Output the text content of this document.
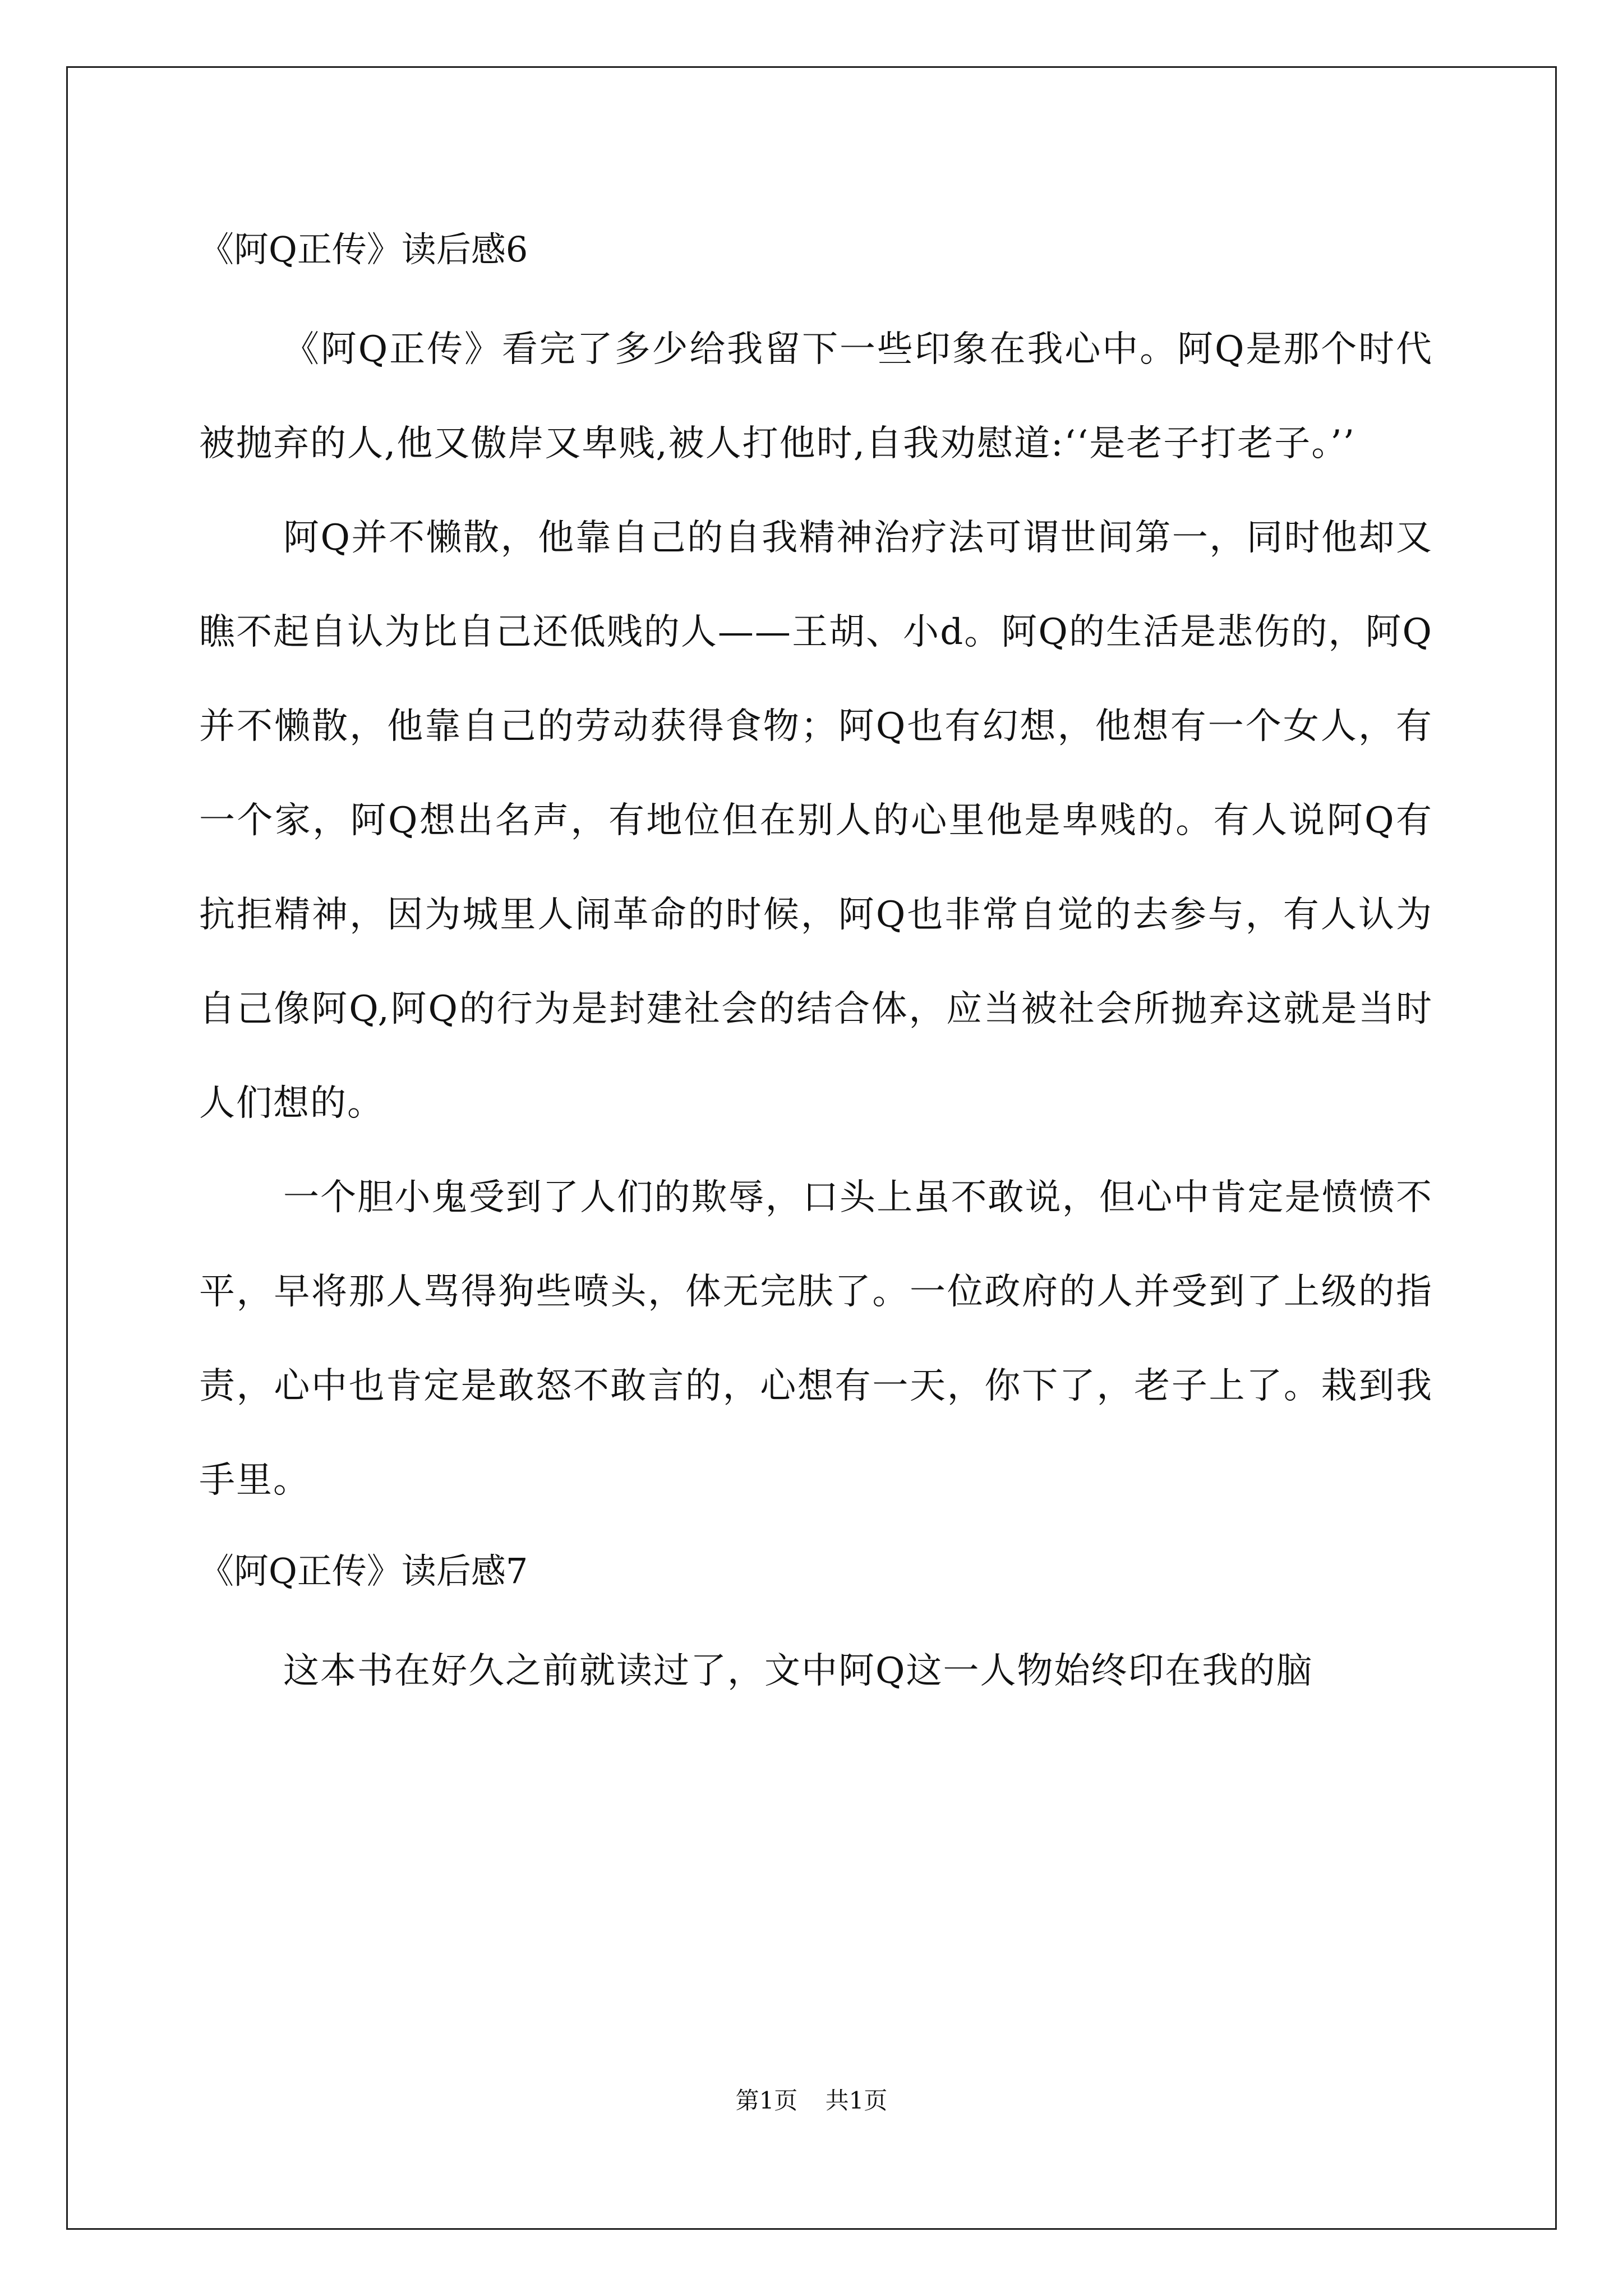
《阿Q正传》读后感6

《阿Q正传》看完了多少给我留下一些印象在我心中。阿Q是那个时代被抛弃的人,他又傲岸又卑贱,被人打他时,自我劝慰道:‘‘是老子打老子。’’

阿Q并不懒散，他靠自己的自我精神治疗法可谓世间第一，同时他却又瞧不起自认为比自己还低贱的人——王胡、小d。阿Q的生活是悲伤的，阿Q并不懒散，他靠自己的劳动获得食物；阿Q也有幻想，他想有一个女人，有一个家，阿Q想出名声，有地位但在别人的心里他是卑贱的。有人说阿Q有抗拒精神，因为城里人闹革命的时候，阿Q也非常自觉的去参与，有人认为自己像阿Q,阿Q的行为是封建社会的结合体，应当被社会所抛弃这就是当时人们想的。

一个胆小鬼受到了人们的欺辱，口头上虽不敢说，但心中肯定是愤愤不平，早将那人骂得狗些喷头，体无完肤了。一位政府的人并受到了上级的指责，心中也肯定是敢怒不敢言的，心想有一天，你下了，老子上了。栽到我手里。

《阿Q正传》读后感7

这本书在好久之前就读过了，文中阿Q这一人物始终印在我的脑

第1页 共1页
